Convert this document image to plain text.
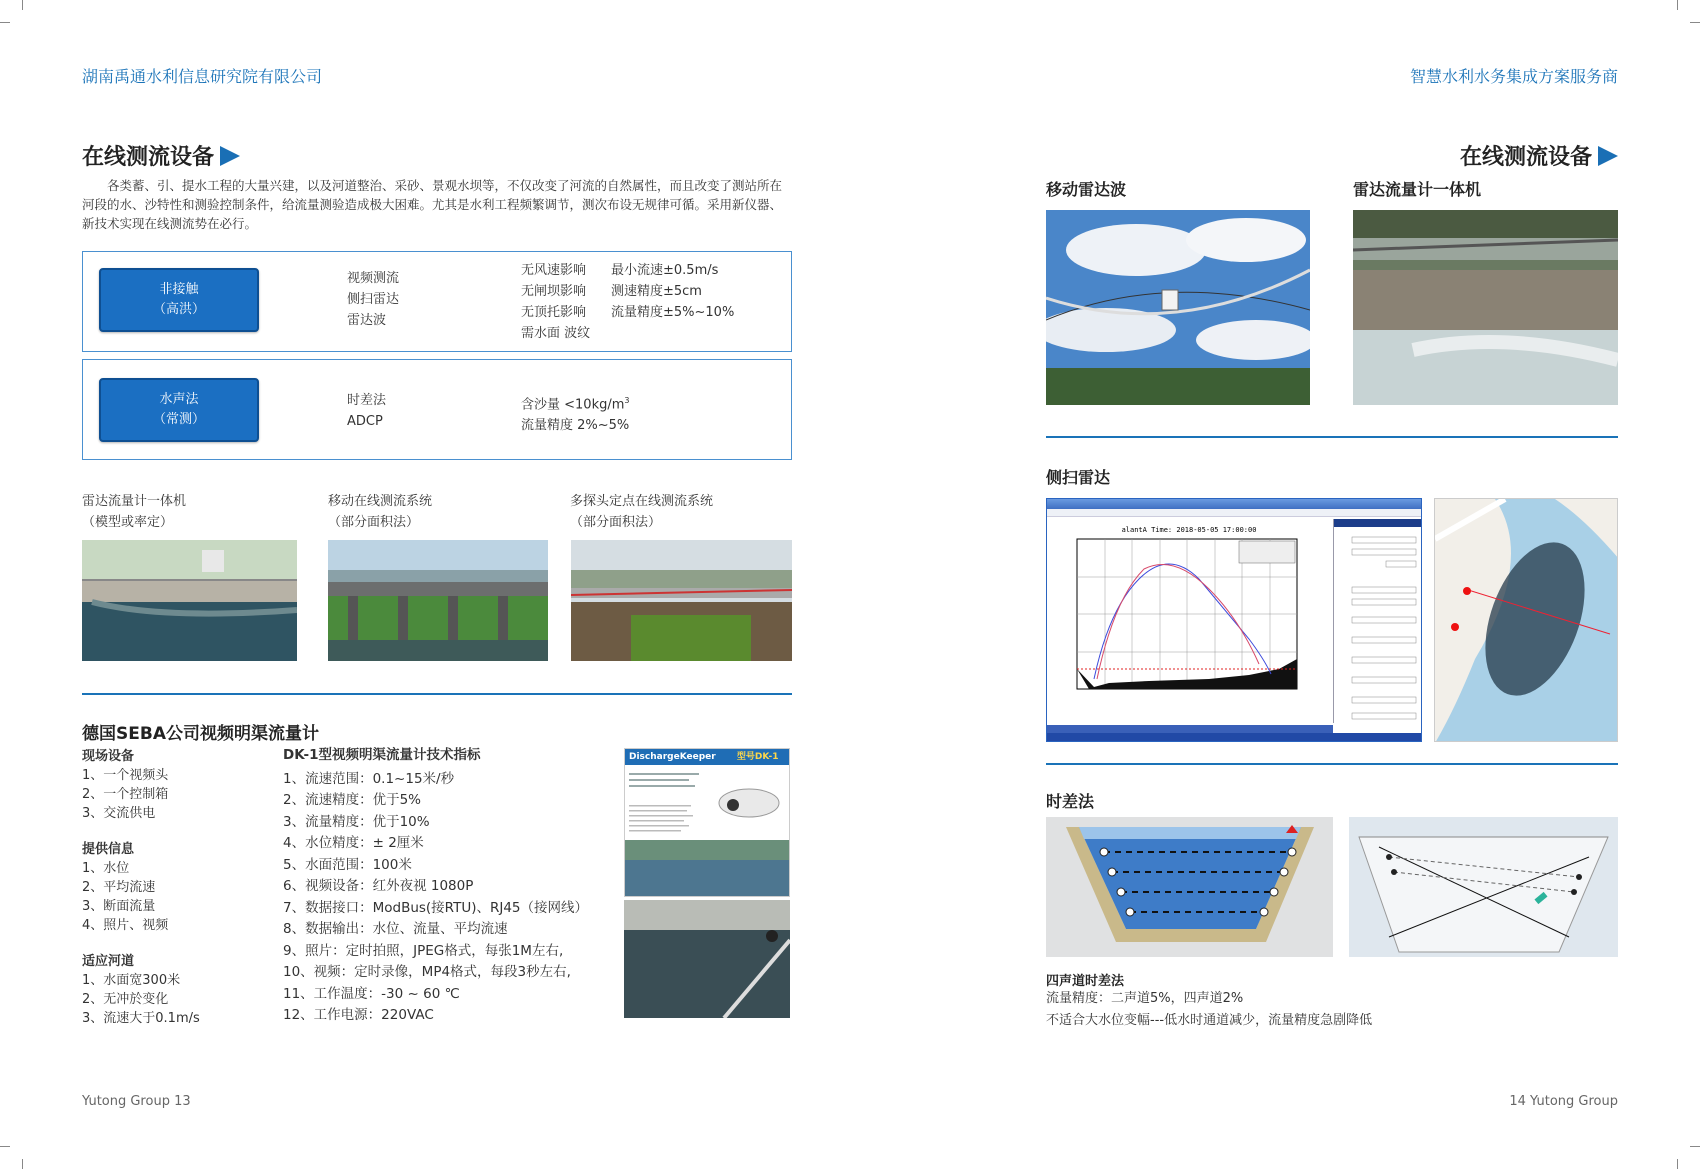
湖南禹通水利信息研究院有限公司	智慧水利水务集成方案服务商
在线测流设备
各类蓄、引、提水工程的大量兴建，以及河道整治、采砂、景观水坝等，不仅改变了河流的自然属性，而且改变了测站所在河段的水、沙特性和测验控制条件，给流量测验造成极大困难。尤其是水利工程频繁调节，测次布设无规律可循。采用新仪器、新技术实现在线测流势在必行。
非接触
（高洪）
视频测流
侧扫雷达
雷达波
无风速影响
无闸坝影响
无顶托影响
需水面 波纹
最小流速±0.5m/s
测速精度±5cm
流量精度±5%~10%
水声法
（常测）
时差法
ADCP
含沙量 $<10kg/m^3$
流量精度 2%~5%
雷达流量计一体机
（模型或率定）
移动在线测流系统
（部分面积法）
多探头定点在线测流系统
（部分面积法）
德国SEBA公司视频明渠流量计
现场设备
1、一个视频头
2、一个控制箱
3、交流供电
提供信息
1、水位
2、平均流速
3、断面流量
4、照片、视频
适应河道
1、水面宽300米
2、无冲於变化
3、流速大于0.1m/s
DK-1型视频明渠流量计技术指标
1、流速范围：0.1~15米/秒
2、流速精度：优于5%
3、流量精度：优于10%
4、水位精度：± 2厘米
5、水面范围：100米
6、视频设备：红外夜视 1080P
7、数据接口：ModBus(接RTU)、RJ45（接网线）
8、数据输出：水位、流量、平均流速
9、照片：定时拍照，JPEG格式，每张1M左右,
10、视频：定时录像，MP4格式，每段3秒左右,
11、工作温度：-30 ~ 60 ℃
12、工作电源：220VAC
DischargeKeeper 型号DK-1
Yutong Group 13
在线测流设备
移动雷达波	雷达流量计一体机
侧扫雷达
alantA Time: 2018-05-05 17:00:00
时差法
四声道时差法
流量精度：二声道5%，四声道2%
不适合大水位变幅---低水时通道减少，流量精度急剧降低
14 Yutong Group
